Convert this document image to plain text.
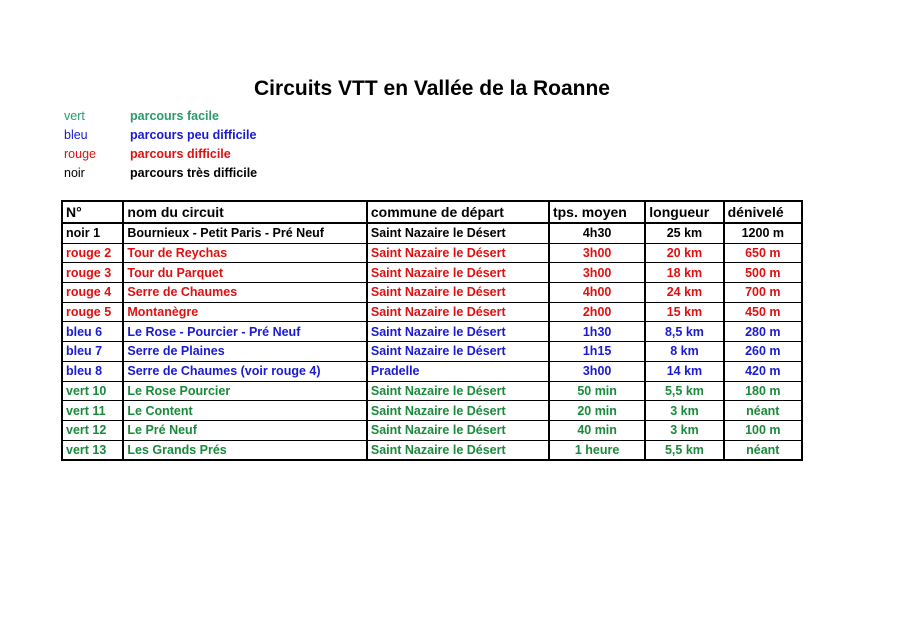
Circuits VTT en Vallée de la Roanne
vert	parcours facile
bleu	parcours peu difficile
rouge	parcours difficile
noir	parcours très difficile
N°	nom du circuit	commune de départ	tps. moyen	longueur	dénivelé
noir 1	Bournieux - Petit Paris - Pré Neuf	Saint Nazaire le Désert	4h30	25 km	1200 m
rouge 2	Tour de Reychas	Saint Nazaire le Désert	3h00	20 km	650 m
rouge 3	Tour du Parquet	Saint Nazaire le Désert	3h00	18 km	500 m
rouge 4	Serre de Chaumes	Saint Nazaire le Désert	4h00	24 km	700 m
rouge 5	Montanègre	Saint Nazaire le Désert	2h00	15 km	450 m
bleu 6	Le Rose - Pourcier - Pré Neuf	Saint Nazaire le Désert	1h30	8,5 km	280 m
bleu 7	Serre de Plaines	Saint Nazaire le Désert	1h15	8 km	260 m
bleu 8	Serre de Chaumes (voir rouge 4)	Pradelle	3h00	14 km	420 m
vert 10	Le Rose Pourcier	Saint Nazaire le Désert	50 min	5,5 km	180 m
vert 11	Le Content	Saint Nazaire le Désert	20 min	3 km	néant
vert 12	Le Pré Neuf	Saint Nazaire le Désert	40 min	3 km	100 m
vert 13	Les Grands Prés	Saint Nazaire le Désert	1 heure	5,5 km	néant
